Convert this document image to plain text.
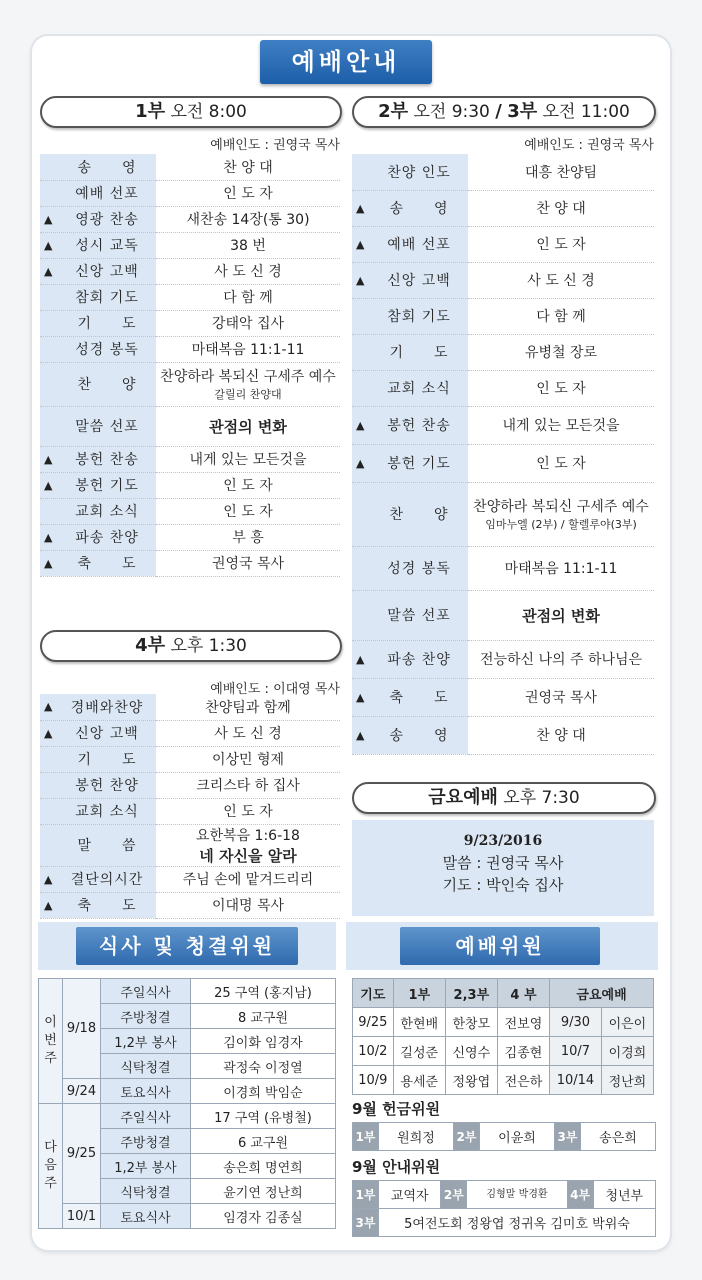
예배안내
1부 오전 8:00
예배인도 : 권영국 목사
송　　영	찬 양 대

예배 선포	인 도 자

▲ 영광 찬송	새찬송 14장(통 30)

▲ 성시 교독	38 번

▲ 신앙 고백	사 도 신 경

참회 기도	다 함 께

기　　도	강태악 집사

성경 봉독	마태복음 11:1-11

찬　　양	찬양하라 복되신 구세주 예수
갈릴리 찬양대

말씀 선포	관점의 변화

▲ 봉헌 찬송	내게 있는 모든것을

▲ 봉헌 기도	인 도 자

교회 소식	인 도 자

▲ 파송 찬양	부 흥

▲ 축　　도	권영국 목사
4부 오후 1:30
예배인도 : 이대영 목사
▲ 경배와찬양	찬양팀과 함께

▲ 신앙 고백	사 도 신 경

기　　도	이상민 형제

봉헌 찬양	크리스타 하 집사

교회 소식	인 도 자

말　　씀	요한복음 1:6-18
네 자신을 알라

▲ 결단의시간	주님 손에 맡겨드리리

▲ 축　　도	이대명 목사
2부 오전 9:30 / 3부 오전 11:00
예배인도 : 권영국 목사
찬양 인도	대흥 찬양팀

▲ 송　　영	찬 양 대

▲ 예배 선포	인 도 자

▲ 신앙 고백	사 도 신 경

참회 기도	다 함 께

기　　도	유병철 장로

교회 소식	인 도 자

▲ 봉헌 찬송	내게 있는 모든것을

▲ 봉헌 기도	인 도 자

찬　　양	찬양하라 복되신 구세주 예수
임마누엘 (2부) / 할렐루야(3부)

성경 봉독	마태복음 11:1-11

말씀 선포	관점의 변화

▲ 파송 찬양	전능하신 나의 주 하나님은

▲ 축　　도	권영국 목사

▲ 송　　영	찬 양 대
금요예배 오후 7:30
9/23/2016
말씀 : 권영국 목사
기도 : 박인숙 집사
식사 및 청결위원	예배위원
이
번
주	9/18	주일식사	25 구역 (홍지남)
		주방청결	8 교구원
		1,2부 봉사	김이화 임경자
		식탁청결	곽정숙 이정열
	9/24	토요식사	이경희 박임순

다
음
주	9/25	주일식사	17 구역 (유병철)
		주방청결	6 교구원
		1,2부 봉사	송은희 명연희
		식탁청결	윤기연 정난희
	10/1	토요식사	임경자 김종실
기도	1부	2,3부	4 부	금요예배	
9/25	한현배	한창모	전보영	9/30	이은이
10/2	길성준	신영수	김종현	10/7	이경희
10/9	용세준	정왕엽	전은하	10/14	정난희
9월 헌금위원
1부	원희정	2부	이윤희	3부	송은희
9월 안내위원
1부	교역자	2부	김형말 박경환	4부	청년부
3부	5여전도회 정왕엽 정귀옥 김미호 박위숙				
